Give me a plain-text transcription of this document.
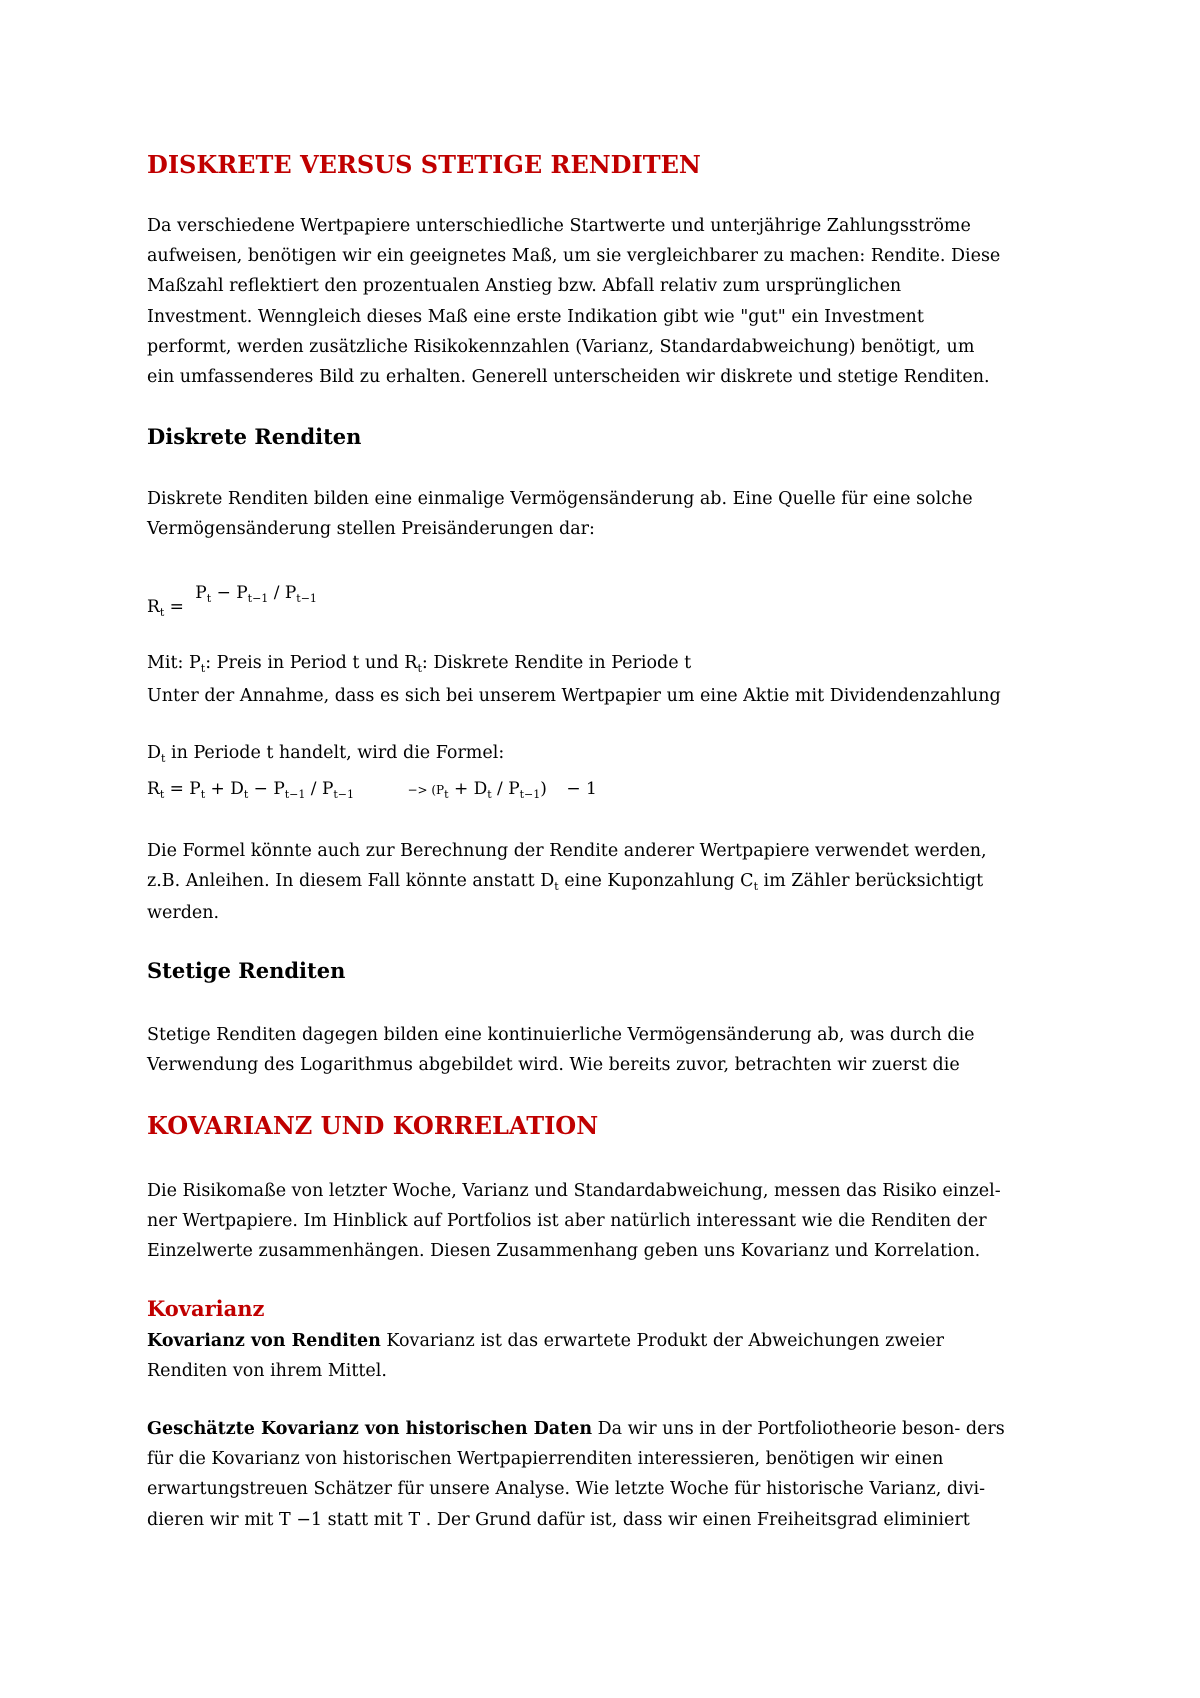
DISKRETE VERSUS STETIGE RENDITEN
Da verschiedene Wertpapiere unterschiedliche Startwerte und unterjährige Zahlungsströme
aufweisen, benötigen wir ein geeignetes Maß, um sie vergleichbarer zu machen: Rendite. Diese
Maßzahl reflektiert den prozentualen Anstieg bzw. Abfall relativ zum ursprünglichen
Investment. Wenngleich dieses Maß eine erste Indikation gibt wie "gut" ein Investment
performt, werden zusätzliche Risikokennzahlen (Varianz, Standardabweichung) benötigt, um
ein umfassenderes Bild zu erhalten. Generell unterscheiden wir diskrete und stetige Renditen.
Diskrete Renditen
Diskrete Renditen bilden eine einmalige Vermögensänderung ab. Eine Quelle für eine solche
Vermögensänderung stellen Preisänderungen dar:
$R_t = P_t - P_{t-1} / P_{t-1}$
Mit: $P_t$: Preis in Period t und $R_t$: Diskrete Rendite in Periode t
Unter der Annahme, dass es sich bei unserem Wertpapier um eine Aktie mit Dividendenzahlung
$D_t$ in Periode t handelt, wird die Formel:
$R_t = P_t + D_t - P_{t-1} / P_{t-1}$	−> $(P_t + D_t / P_{t-1}) - 1$
Die Formel könnte auch zur Berechnung der Rendite anderer Wertpapiere verwendet werden,
z.B. Anleihen. In diesem Fall könnte anstatt $D_t$ eine Kuponzahlung $C_t$ im Zähler berücksichtigt
werden.
Stetige Renditen
Stetige Renditen dagegen bilden eine kontinuierliche Vermögensänderung ab, was durch die
Verwendung des Logarithmus abgebildet wird. Wie bereits zuvor, betrachten wir zuerst die
KOVARIANZ UND KORRELATION
Die Risikomaße von letzter Woche, Varianz und Standardabweichung, messen das Risiko einzel-
ner Wertpapiere. Im Hinblick auf Portfolios ist aber natürlich interessant wie die Renditen der
Einzelwerte zusammenhängen. Diesen Zusammenhang geben uns Kovarianz und Korrelation.
Kovarianz
Kovarianz von Renditen Kovarianz ist das erwartete Produkt der Abweichungen zweier
Renditen von ihrem Mittel.
Geschätzte Kovarianz von historischen Daten Da wir uns in der Portfoliotheorie beson- ders
für die Kovarianz von historischen Wertpapierrenditen interessieren, benötigen wir einen
erwartungstreuen Schätzer für unsere Analyse. Wie letzte Woche für historische Varianz, divi-
dieren wir mit T −1 statt mit T . Der Grund dafür ist, dass wir einen Freiheitsgrad eliminiert
